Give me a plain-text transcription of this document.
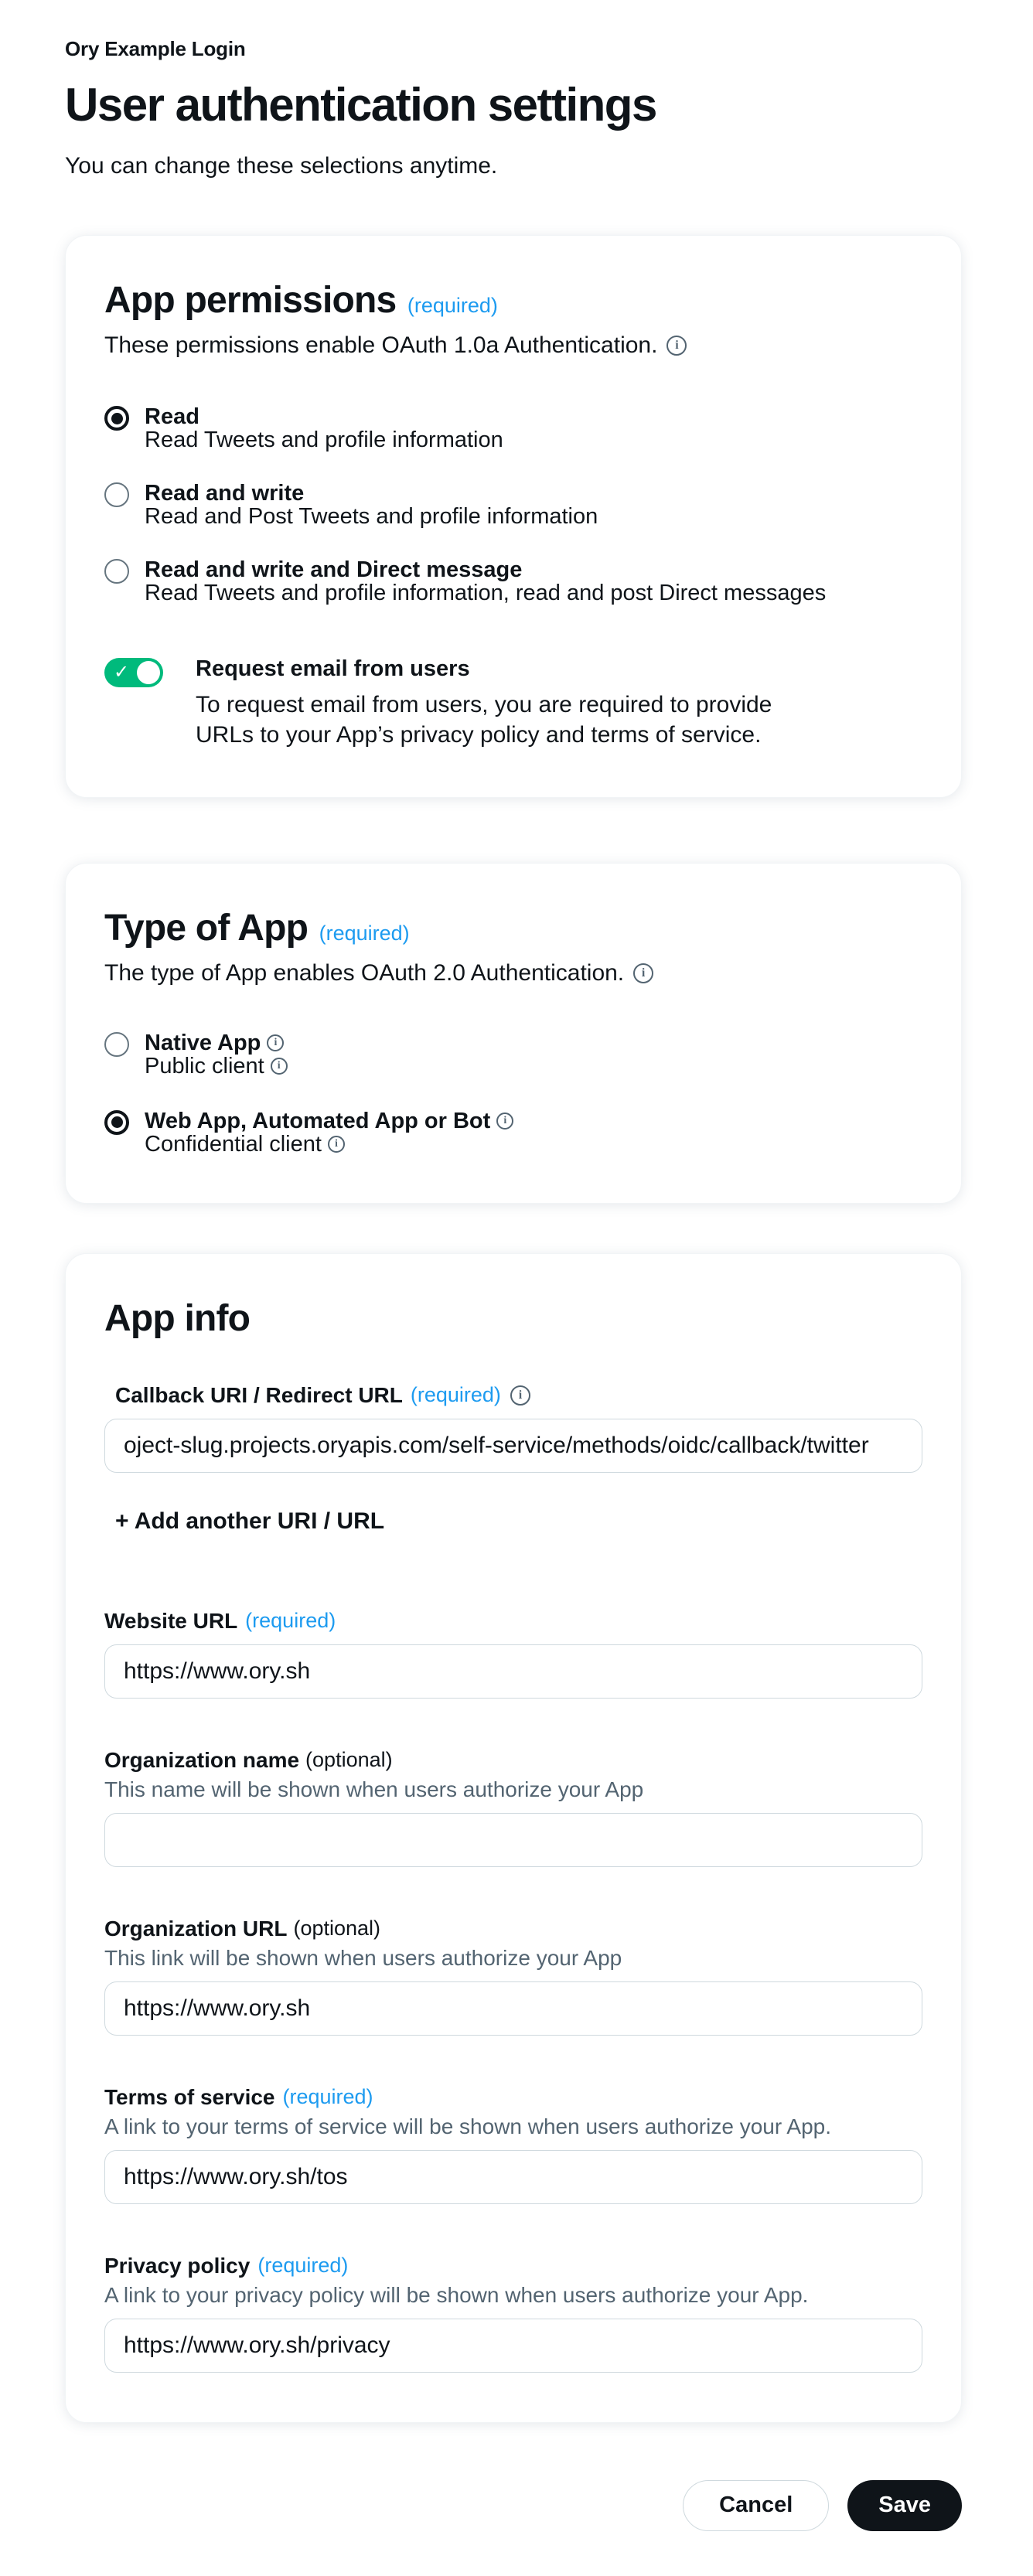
Ory Example Login
User authentication settings
You can change these selections anytime.
App permissions (required)
These permissions enable OAuth 1.0a Authentication.
i
Read
Read Tweets and profile information
Read and write
Read and Post Tweets and profile information
Read and write and Direct message
Read Tweets and profile information, read and post Direct messages
✓	Request email from users
To request email from users, you are required to provide URLs to your App’s privacy policy and terms of service.
Type of App (required)
The type of App enables OAuth 2.0 Authentication.
i
Native App
i
Public client
i
Web App, Automated App or Bot
i
Confidential client
i
App info
Callback URI / Redirect URL (required)
i
roject-slug.projects.oryapis.com/self-service/methods/oidc/callback/twitter
+ Add another URI / URL
Website URL (required)
https://www.ory.sh
Organization name (optional)
This name will be shown when users authorize your App
Organization URL (optional)
This link will be shown when users authorize your App
https://www.ory.sh
Terms of service (required)
A link to your terms of service will be shown when users authorize your App.
https://www.ory.sh/tos
Privacy policy (required)
A link to your privacy policy will be shown when users authorize your App.
https://www.ory.sh/privacy
Cancel	Save
